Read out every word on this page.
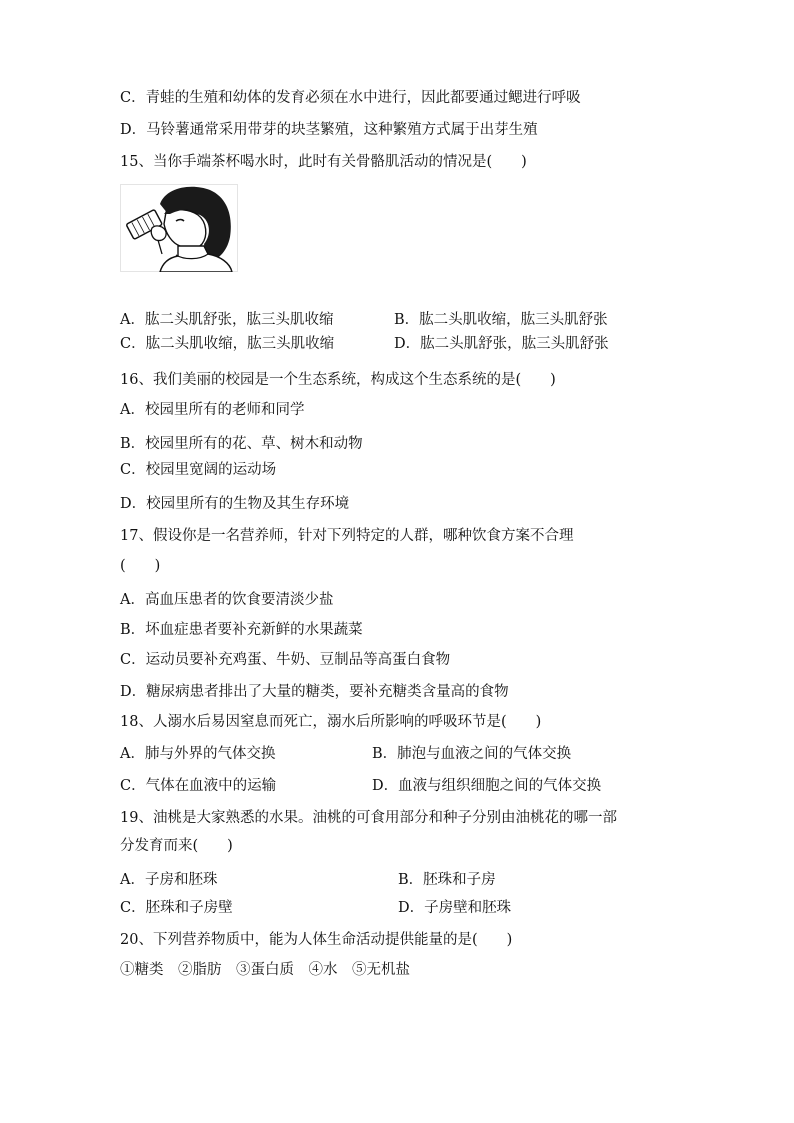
C．青蛙的生殖和幼体的发育必须在水中进行，因此都要通过鳃进行呼吸
D．马铃薯通常采用带芽的块茎繁殖，这种繁殖方式属于出芽生殖
15、当你手端茶杯喝水时，此时有关骨骼肌活动的情况是(　　)
A．肱二头肌舒张，肱三头肌收缩	B．肱二头肌收缩，肱三头肌舒张
C．肱二头肌收缩，肱三头肌收缩	D．肱二头肌舒张，肱三头肌舒张
16、我们美丽的校园是一个生态系统，构成这个生态系统的是(　　)
A．校园里所有的老师和同学
B．校园里所有的花、草、树木和动物
C．校园里宽阔的运动场
D．校园里所有的生物及其生存环境
17、假设你是一名营养师，针对下列特定的人群，哪种饮食方案不合理
(　　)
A．高血压患者的饮食要清淡少盐
B．坏血症患者要补充新鲜的水果蔬菜
C．运动员要补充鸡蛋、牛奶、豆制品等高蛋白食物
D．糖尿病患者排出了大量的糖类，要补充糖类含量高的食物
18、人溺水后易因窒息而死亡，溺水后所影响的呼吸环节是(　　)
A．肺与外界的气体交换	B．肺泡与血液之间的气体交换
C．气体在血液中的运输	D．血液与组织细胞之间的气体交换
19、油桃是大家熟悉的水果。油桃的可食用部分和种子分别由油桃花的哪一部
分发育而来(　　)
A．子房和胚珠	B．胚珠和子房
C．胚珠和子房壁	D．子房壁和胚珠
20、下列营养物质中，能为人体生命活动提供能量的是(　　)
①糖类　②脂肪　③蛋白质　④水　⑤无机盐
